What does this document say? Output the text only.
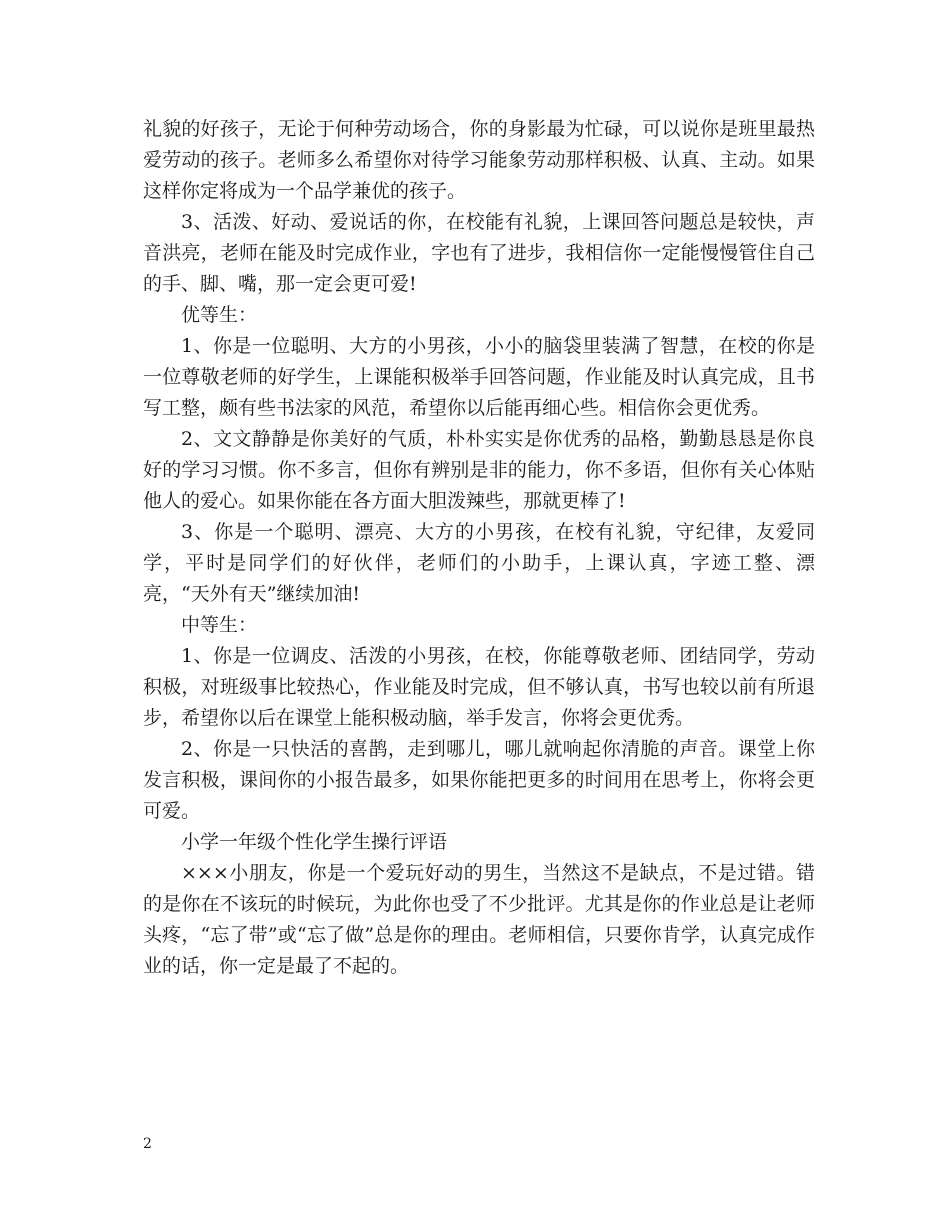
礼貌的好孩子，无论于何种劳动场合，你的身影最为忙碌，可以说你是班里最热爱劳动的孩子。老师多么希望你对待学习能象劳动那样积极、认真、主动。如果这样你定将成为一个品学兼优的孩子。

3、活泼、好动、爱说话的你，在校能有礼貌，上课回答问题总是较快，声音洪亮，老师在能及时完成作业，字也有了进步，我相信你一定能慢慢管住自己的手、脚、嘴，那一定会更可爱!

优等生：

1、你是一位聪明、大方的小男孩，小小的脑袋里装满了智慧，在校的你是一位尊敬老师的好学生，上课能积极举手回答问题，作业能及时认真完成，且书写工整，颇有些书法家的风范，希望你以后能再细心些。相信你会更优秀。

2、文文静静是你美好的气质，朴朴实实是你优秀的品格，勤勤恳恳是你良好的学习习惯。你不多言，但你有辨别是非的能力，你不多语，但你有关心体贴他人的爱心。如果你能在各方面大胆泼辣些，那就更棒了!

3、你是一个聪明、漂亮、大方的小男孩，在校有礼貌，守纪律，友爱同学，平时是同学们的好伙伴，老师们的小助手，上课认真，字迹工整、漂亮，“天外有天”继续加油!

中等生：

1、你是一位调皮、活泼的小男孩，在校，你能尊敬老师、团结同学，劳动积极，对班级事比较热心，作业能及时完成，但不够认真，书写也较以前有所退步，希望你以后在课堂上能积极动脑，举手发言，你将会更优秀。

2、你是一只快活的喜鹊，走到哪儿，哪儿就响起你清脆的声音。课堂上你发言积极，课间你的小报告最多，如果你能把更多的时间用在思考上，你将会更可爱。

小学一年级个性化学生操行评语

×××小朋友，你是一个爱玩好动的男生，当然这不是缺点，不是过错。错的是你在不该玩的时候玩，为此你也受了不少批评。尤其是你的作业总是让老师头疼，“忘了带”或“忘了做”总是你的理由。老师相信，只要你肯学，认真完成作业的话，你一定是最了不起的。

2
